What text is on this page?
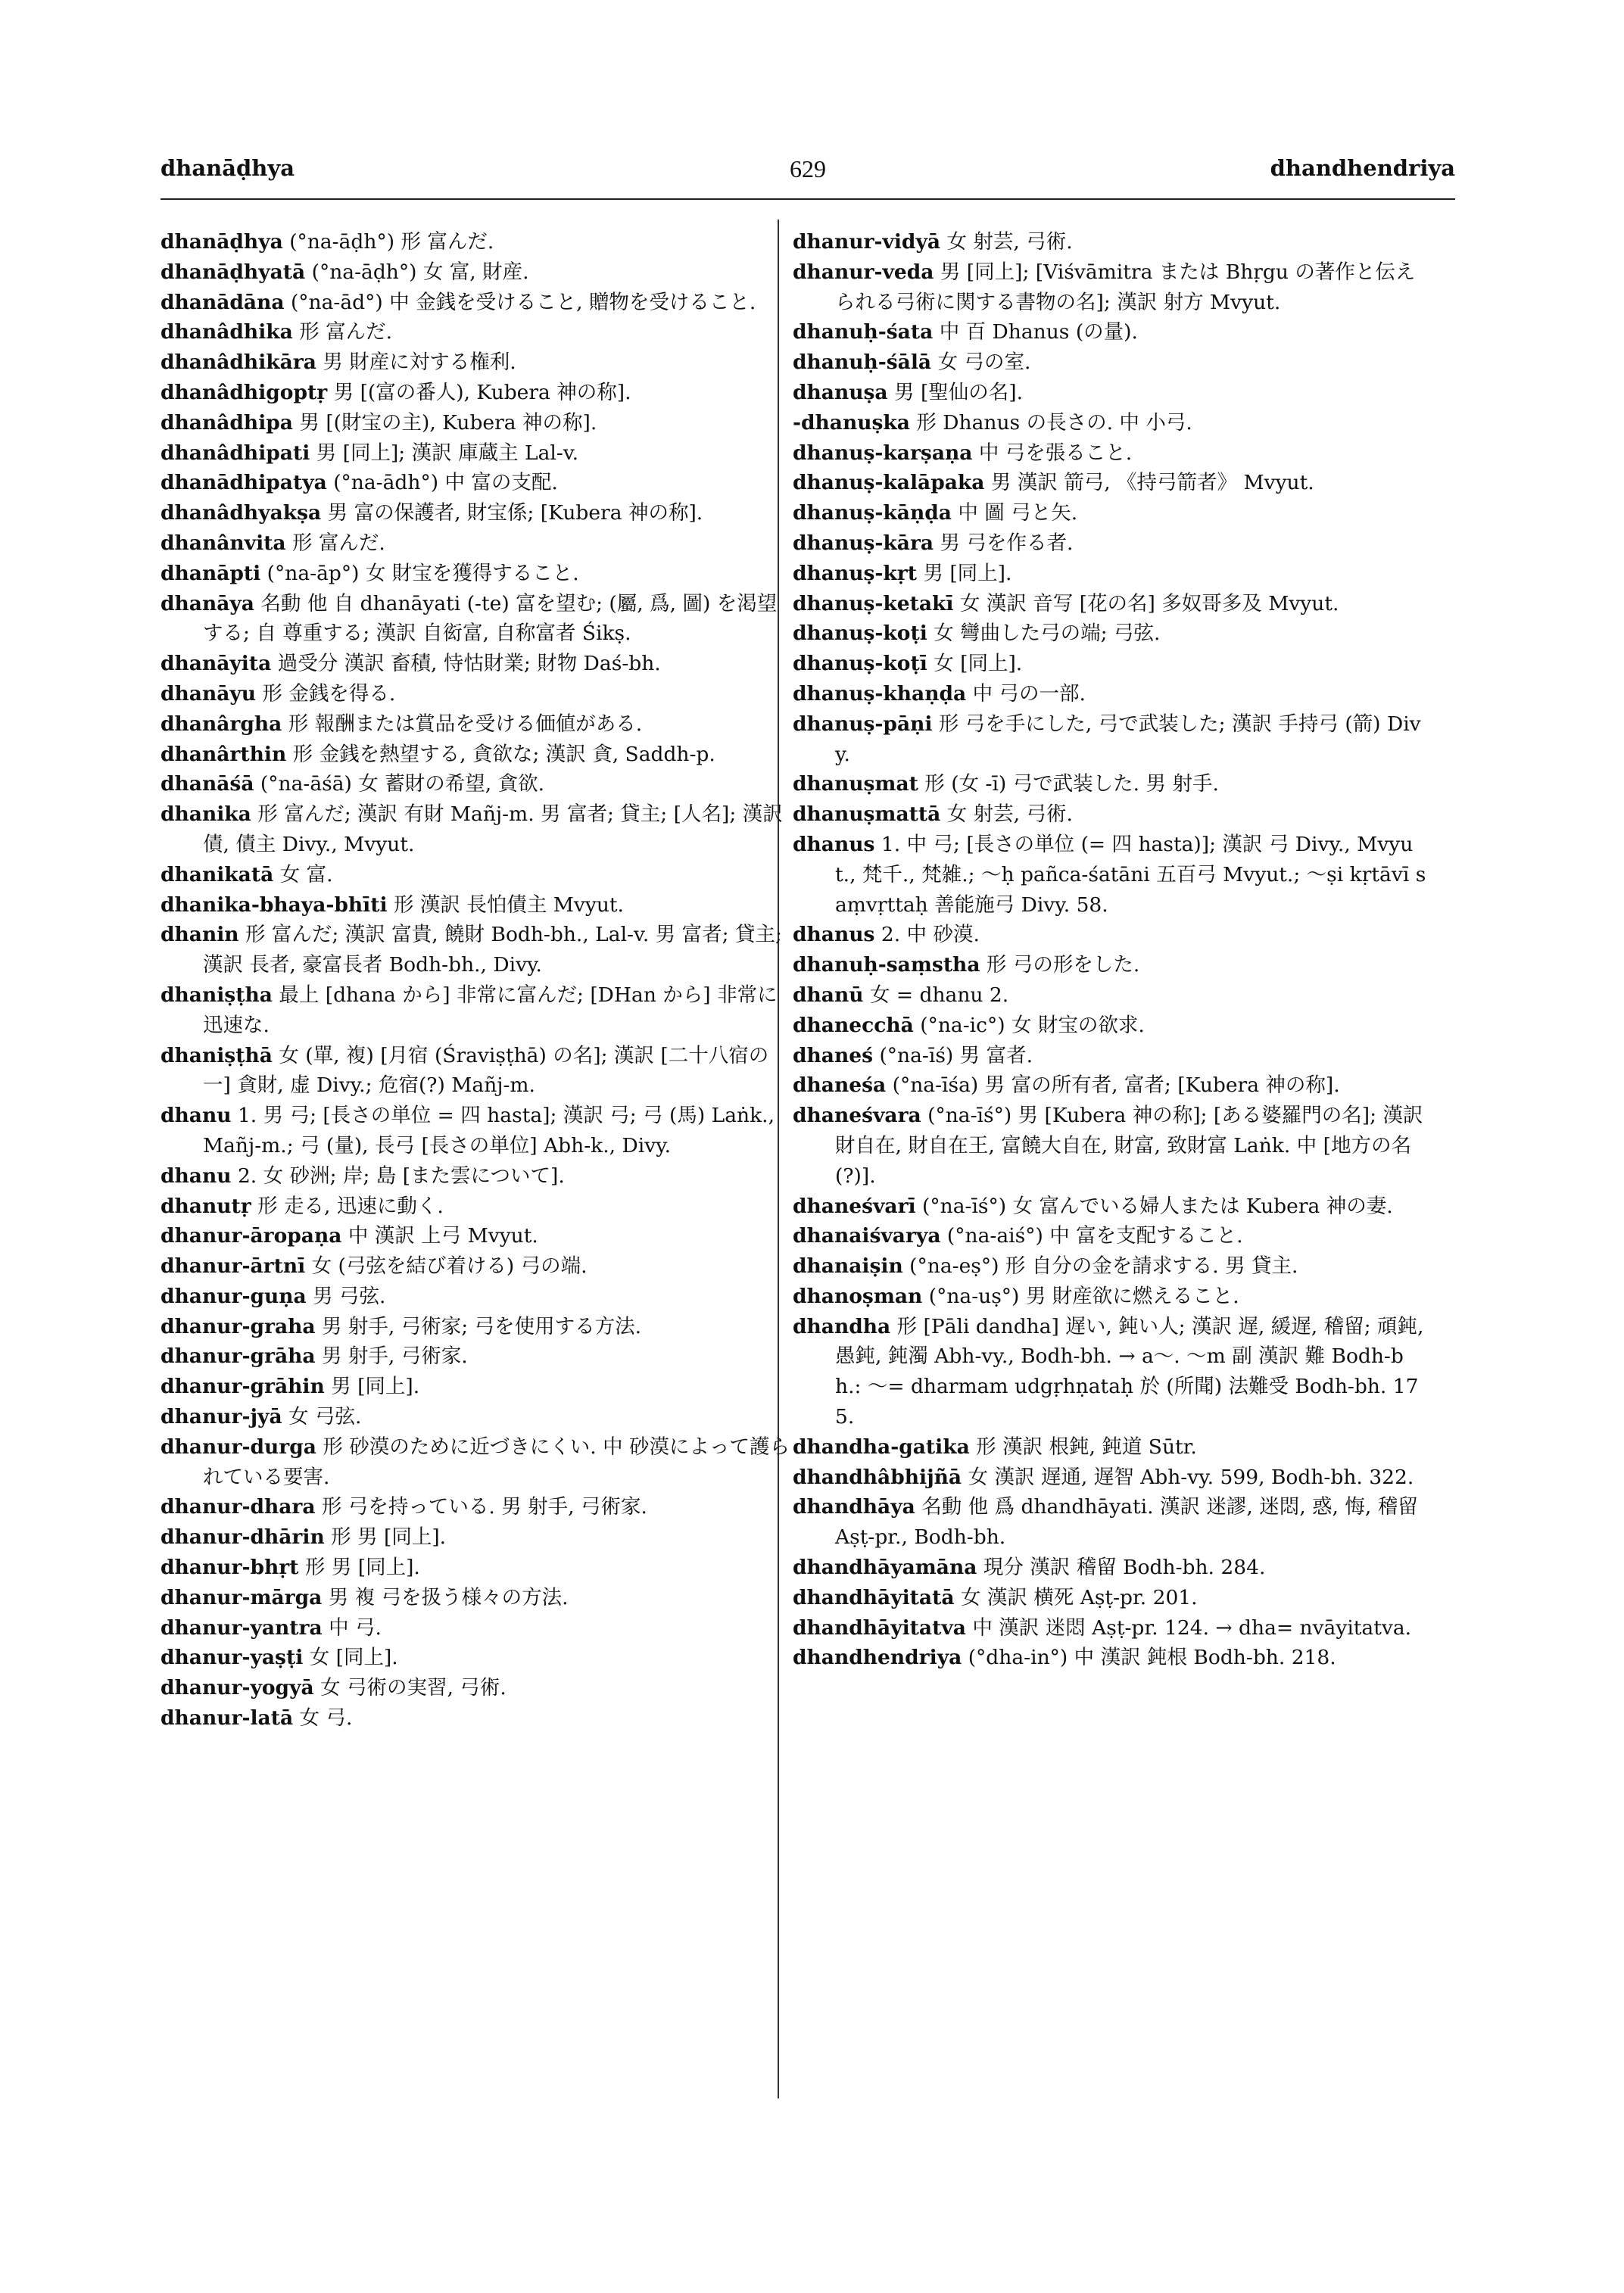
629
dhanāḍhya	dhandhendriya
dhanāḍhya (°na-āḍh°) 形 富んだ.
dhanāḍhyatā (°na-āḍh°) 女 富, 財産.
dhanādāna (°na-ād°) 中 金銭を受けること, 贈物を受けること.
dhanâdhika 形 富んだ.
dhanâdhikāra 男 財産に対する権利.
dhanâdhigoptṛ 男 [(富の番人), Kubera 神の称].
dhanâdhipa 男 [(財宝の主), Kubera 神の称].
dhanâdhipati 男 [同上]; 漢訳 庫蔵主 Lal-v.
dhanādhipatya (°na-ādh°) 中 富の支配.
dhanâdhyakṣa 男 富の保護者, 財宝係; [Kubera 神の称].
dhanânvita 形 富んだ.
dhanāpti (°na-āp°) 女 財宝を獲得すること.
dhanāya 名動 他 自 dhanāyati (-te) 富を望む; (屬, 爲, 圖) を渇望する; 自 尊重する; 漢訳 自衒富, 自称富者 Śikṣ.
dhanāyita 過受分 漢訳 畜積, 恃怙財業; 財物 Daś-bh.
dhanāyu 形 金銭を得る.
dhanârgha 形 報酬または賞品を受ける価値がある.
dhanârthin 形 金銭を熱望する, 貪欲な; 漢訳 貪, Saddh-p.
dhanāśā (°na-āśā) 女 蓄財の希望, 貪欲.
dhanika 形 富んだ; 漢訳 有財 Mañj-m. 男 富者; 貸主; [人名]; 漢訳 債, 債主 Divy., Mvyut.
dhanikatā 女 富.
dhanika-bhaya-bhīti 形 漢訳 長怕債主 Mvyut.
dhanin 形 富んだ; 漢訳 富貴, 饒財 Bodh-bh., Lal-v. 男 富者; 貸主; 漢訳 長者, 豪富長者 Bodh-bh., Divy.
dhaniṣṭha 最上 [dhana から] 非常に富んだ; [DHan から] 非常に迅速な.
dhaniṣṭhā 女 (單, 複) [月宿 (Śraviṣṭhā) の名]; 漢訳 [二十八宿の一] 貪財, 虚 Divy.; 危宿(?) Mañj-m.
dhanu 1. 男 弓; [長さの単位 = 四 hasta]; 漢訳 弓; 弓 (馬) Laṅk., Mañj-m.; 弓 (量), 長弓 [長さの単位] Abh-k., Divy.
dhanu 2. 女 砂洲; 岸; 島 [また雲について].
dhanutṛ 形 走る, 迅速に動く.
dhanur-āropaṇa 中 漢訳 上弓 Mvyut.
dhanur-ārtnī 女 (弓弦を結び着ける) 弓の端.
dhanur-guṇa 男 弓弦.
dhanur-graha 男 射手, 弓術家; 弓を使用する方法.
dhanur-grāha 男 射手, 弓術家.
dhanur-grāhin 男 [同上].
dhanur-jyā 女 弓弦.
dhanur-durga 形 砂漠のために近づきにくい. 中 砂漠によって護られている要害.
dhanur-dhara 形 弓を持っている. 男 射手, 弓術家.
dhanur-dhārin 形 男 [同上].
dhanur-bhṛt 形 男 [同上].
dhanur-mārga 男 複 弓を扱う様々の方法.
dhanur-yantra 中 弓.
dhanur-yaṣṭi 女 [同上].
dhanur-yogyā 女 弓術の実習, 弓術.
dhanur-latā 女 弓.
dhanur-vidyā 女 射芸, 弓術.
dhanur-veda 男 [同上]; [Viśvāmitra または Bhṛgu の著作と伝えられる弓術に関する書物の名]; 漢訳 射方 Mvyut.
dhanuḥ-śata 中 百 Dhanus (の量).
dhanuḥ-śālā 女 弓の室.
dhanuṣa 男 [聖仙の名].
-dhanuṣka 形 Dhanus の長さの. 中 小弓.
dhanuṣ-karṣaṇa 中 弓を張ること.
dhanuṣ-kalāpaka 男 漢訳 箭弓, 《持弓箭者》 Mvyut.
dhanuṣ-kāṇḍa 中 圖 弓と矢.
dhanuṣ-kāra 男 弓を作る者.
dhanuṣ-kṛt 男 [同上].
dhanuṣ-ketakī 女 漢訳 音写 [花の名] 多奴哥多及 Mvyut.
dhanuṣ-koṭi 女 彎曲した弓の端; 弓弦.
dhanuṣ-koṭī 女 [同上].
dhanuṣ-khaṇḍa 中 弓の一部.
dhanuṣ-pāṇi 形 弓を手にした, 弓で武装した; 漢訳 手持弓 (箭) Divy.
dhanuṣmat 形 (女 -ī) 弓で武装した. 男 射手.
dhanuṣmattā 女 射芸, 弓術.
dhanus 1. 中 弓; [長さの単位 (= 四 hasta)]; 漢訳 弓 Divy., Mvyut., 梵千., 梵雑.; ～ḥ pañca-śatāni 五百弓 Mvyut.; ～ṣi kṛtāvī saṃvṛttaḥ 善能施弓 Divy. 58.
dhanus 2. 中 砂漠.
dhanuḥ-saṃstha 形 弓の形をした.
dhanū 女 = dhanu 2.
dhanecchā (°na-ic°) 女 財宝の欲求.
dhaneś (°na-īś) 男 富者.
dhaneśa (°na-īśa) 男 富の所有者, 富者; [Kubera 神の称].
dhaneśvara (°na-īś°) 男 [Kubera 神の称]; [ある婆羅門の名]; 漢訳 財自在, 財自在王, 富饒大自在, 財富, 致財富 Laṅk. 中 [地方の名 (?)].
dhaneśvarī (°na-īś°) 女 富んでいる婦人または Kubera 神の妻.
dhanaiśvarya (°na-aiś°) 中 富を支配すること.
dhanaiṣin (°na-eṣ°) 形 自分の金を請求する. 男 貸主.
dhanoṣman (°na-uṣ°) 男 財産欲に燃えること.
dhandha 形 [Pāli dandha] 遅い, 鈍い人; 漢訳 遅, 緩遅, 稽留; 頑鈍, 愚鈍, 鈍濁 Abh-vy., Bodh-bh. → a～. ～m 副 漢訳 難 Bodh-bh.: ～= dharmam udgṛhṇataḥ 於 (所聞) 法難受 Bodh-bh. 175.
dhandha-gatika 形 漢訳 根鈍, 鈍道 Sūtr.
dhandhâbhijñā 女 漢訳 遅通, 遅智 Abh-vy. 599, Bodh-bh. 322.
dhandhāya 名動 他 爲 dhandhāyati. 漢訳 迷謬, 迷悶, 惑, 悔, 稽留 Aṣṭ-pr., Bodh-bh.
dhandhāyamāna 現分 漢訳 稽留 Bodh-bh. 284.
dhandhāyitatā 女 漢訳 横死 Aṣṭ-pr. 201.
dhandhāyitatva 中 漢訳 迷悶 Aṣṭ-pr. 124. → dha= nvāyitatva.
dhandhendriya (°dha-in°) 中 漢訳 鈍根 Bodh-bh. 218.
